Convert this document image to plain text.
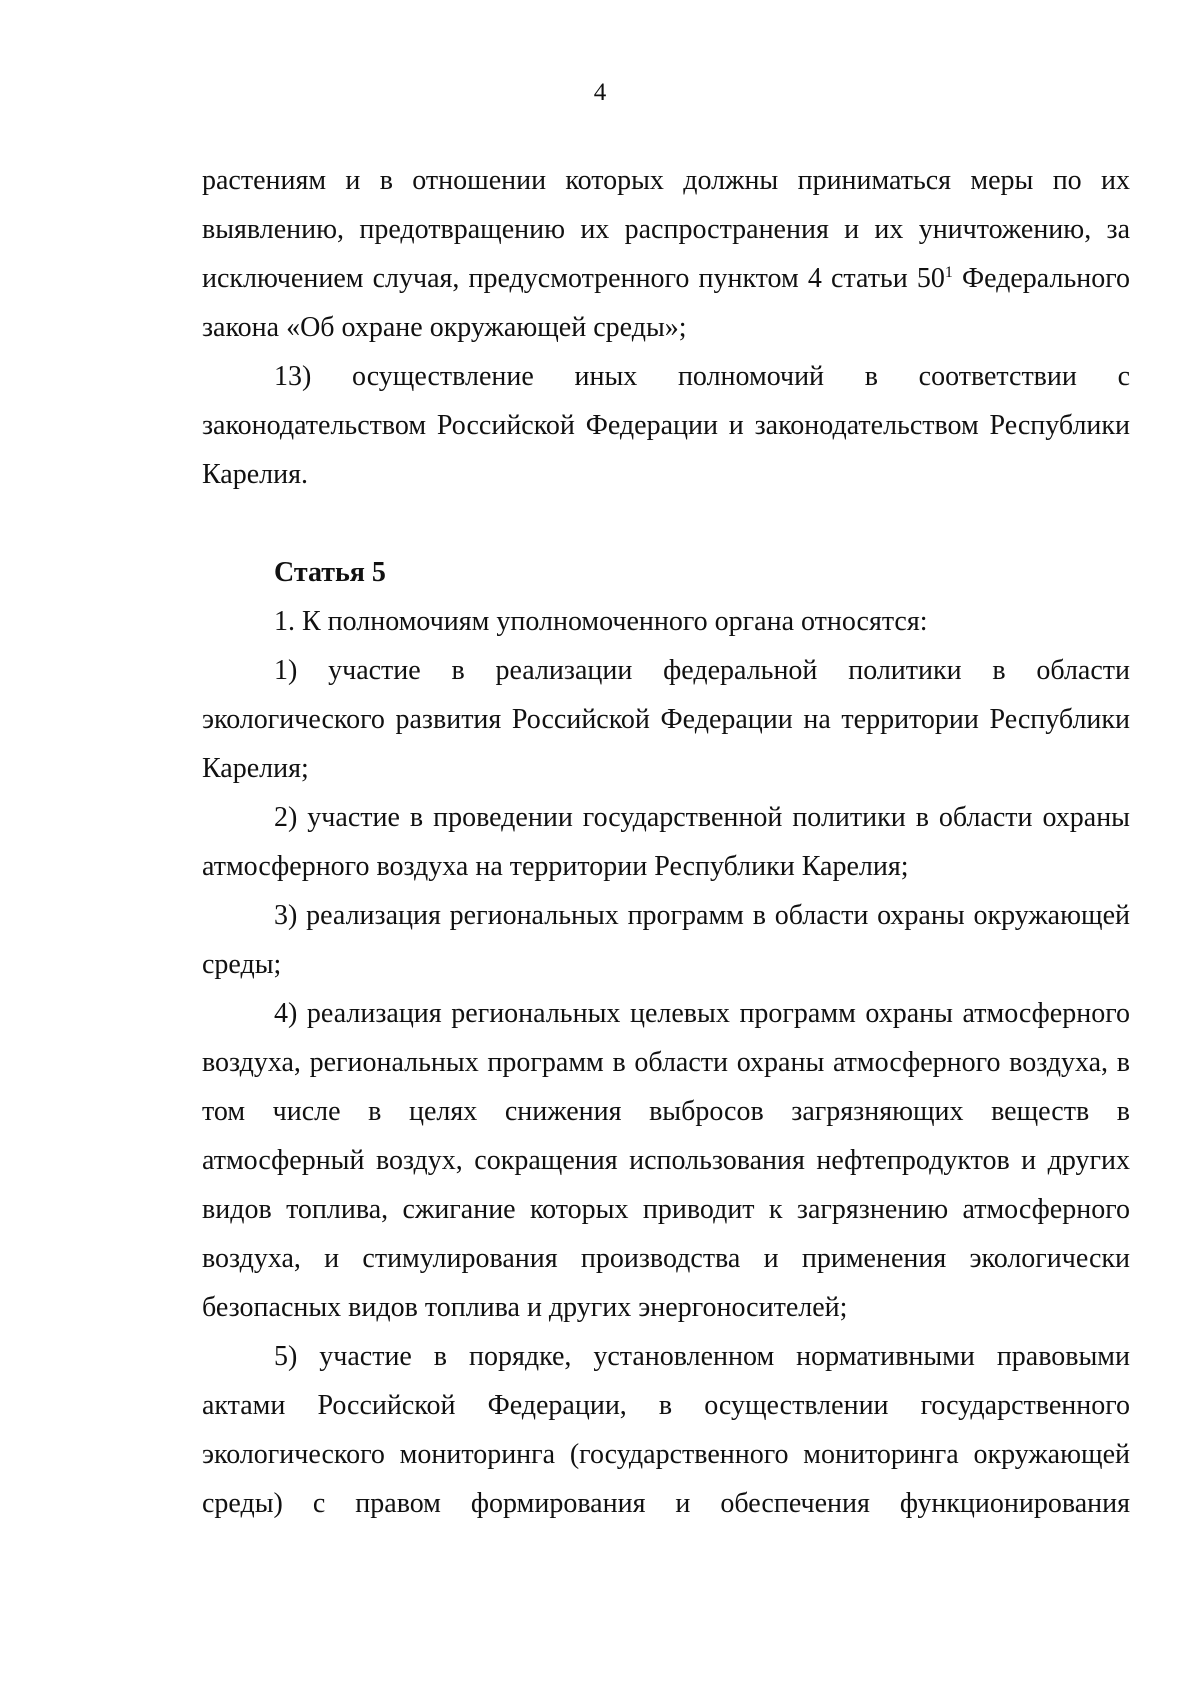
4

растениям и в отношении которых должны приниматься меры по их выявлению, предотвращению их распространения и их уничтожению, за исключением случая, предусмотренного пунктом 4 статьи $50^1$ Федерального закона «Об охране окружающей среды»;

13) осуществление иных полномочий в соответствии с законодательством Российской Федерации и законодательством Республики Карелия.

Статья 5

1. К полномочиям уполномоченного органа относятся:

1) участие в реализации федеральной политики в области экологического развития Российской Федерации на территории Республики Карелия;

2) участие в проведении государственной политики в области охраны атмосферного воздуха на территории Республики Карелия;

3) реализация региональных программ в области охраны окружающей среды;

4) реализация региональных целевых программ охраны атмосферного воздуха, региональных программ в области охраны атмосферного воздуха, в том числе в целях снижения выбросов загрязняющих веществ в атмосферный воздух, сокращения использования нефтепродуктов и других видов топлива, сжигание которых приводит к загрязнению атмосферного воздуха, и стимулирования производства и применения экологически безопасных видов топлива и других энергоносителей;

5) участие в порядке, установленном нормативными правовыми актами Российской Федерации, в осуществлении государственного экологического мониторинга (государственного мониторинга окружающей среды) с правом формирования и обеспечения функционирования
